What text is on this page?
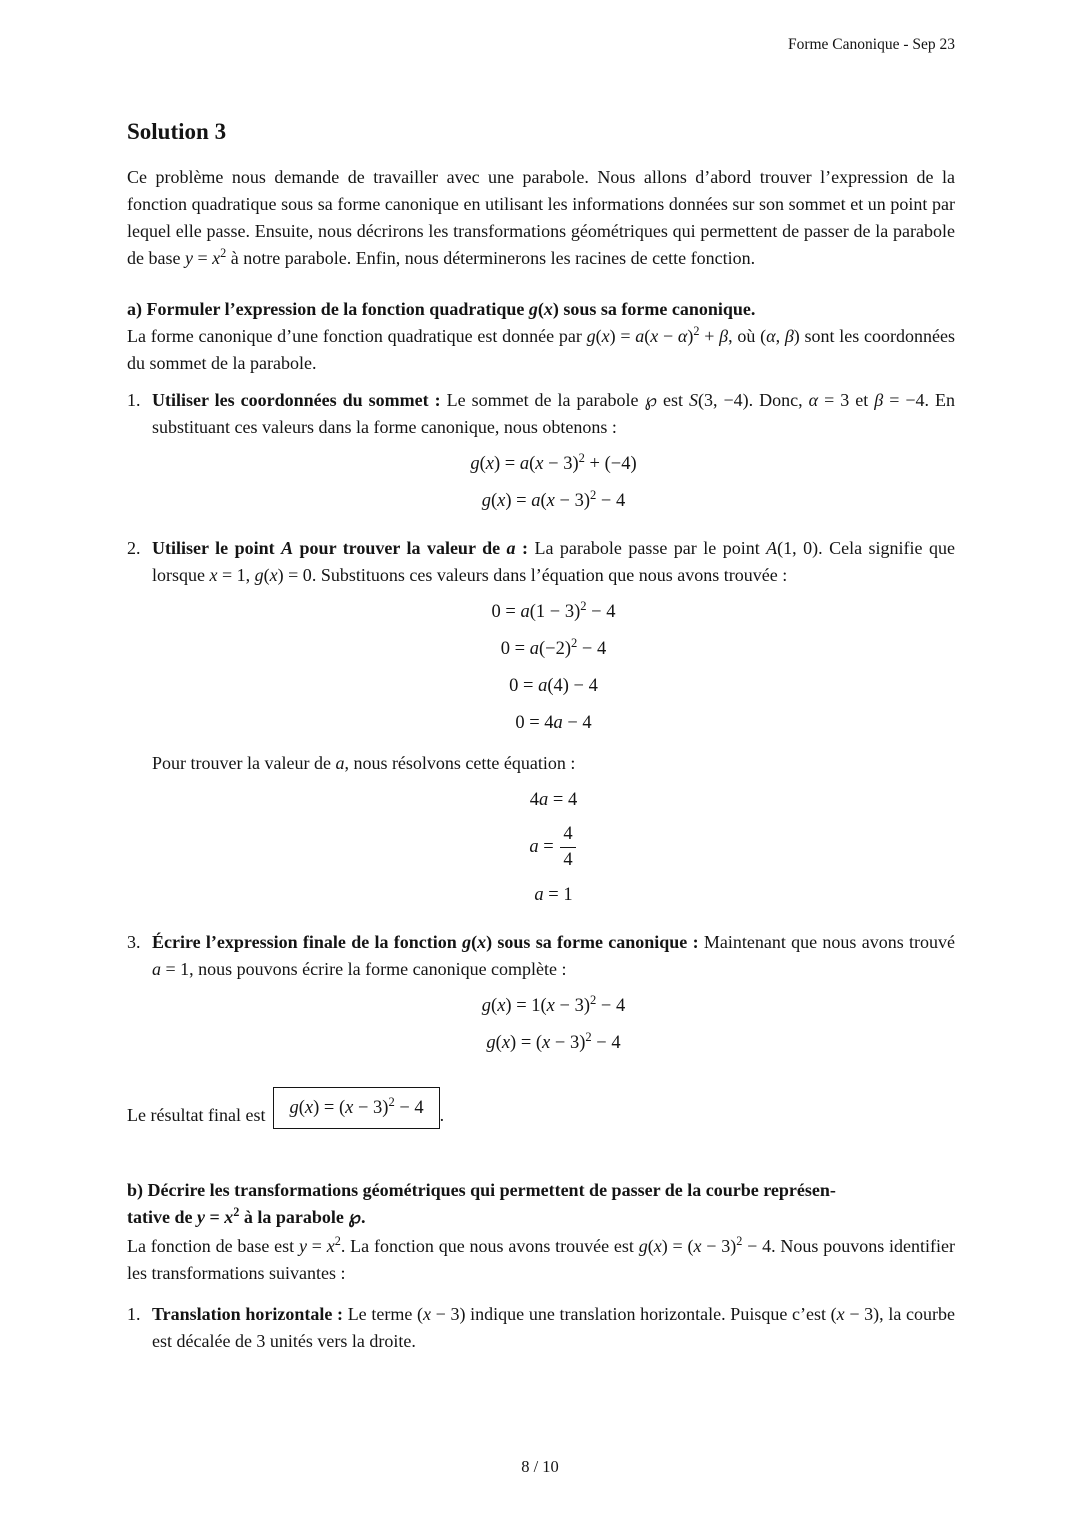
Forme Canonique - Sep 23
Solution 3

Ce problème nous demande de travailler avec une parabole. Nous allons d’abord trouver l’expression de la fonction quadratique sous sa forme canonique en utilisant les informations données sur son sommet et un point par lequel elle passe. Ensuite, nous décrirons les transformations géométriques qui permettent de passer de la parabole de base $y = x^2$ à notre parabole. Enfin, nous déterminerons les racines de cette fonction.

a) Formuler l’expression de la fonction quadratique g(x) sous sa forme canonique.

La forme canonique d’une fonction quadratique est donnée par $g(x) = a(x - \alpha)^2 + \beta$, où (α, β) sont les coordonnées du sommet de la parabole.

1. Utiliser les coordonnées du sommet : Le sommet de la parabole ℘ est S(3, −4). Donc, α = 3 et β = −4. En substituant ces valeurs dans la forme canonique, nous obtenons :
$g(x) = a(x - 3)^2 + (-4)$
$g(x) = a(x - 3)^2 - 4$
2. Utiliser le point A pour trouver la valeur de a : La parabole passe par le point A(1, 0). Cela signifie que lorsque x = 1, g(x) = 0. Substituons ces valeurs dans l’équation que nous avons trouvée :
$0 = a(1 - 3)^2 - 4$
$0 = a(-2)^2 - 4$
0 = a(4) − 4
0 = 4a − 4
Pour trouver la valeur de a, nous résolvons cette équation :
4a = 4
$a = \frac{4}{4}$
a = 1
3. Écrire l’expression finale de la fonction g(x) sous sa forme canonique : Maintenant que nous avons trouvé a = 1, nous pouvons écrire la forme canonique complète :
$g(x) = 1(x - 3)^2 - 4$
$g(x) = (x - 3)^2 - 4$
Le résultat final est	$g(x) = (x - 3)^2 - 4$ .
b) Décrire les transformations géométriques qui permettent de passer de la courbe représen-
tative de $y = x^2$ à la parabole ℘.

La fonction de base est $y = x^2$. La fonction que nous avons trouvée est $g(x) = (x - 3)^2 - 4$. Nous pouvons identifier les transformations suivantes :

1. Translation horizontale : Le terme (x − 3) indique une translation horizontale. Puisque c’est (x − 3), la courbe est décalée de 3 unités vers la droite.
8 / 10
